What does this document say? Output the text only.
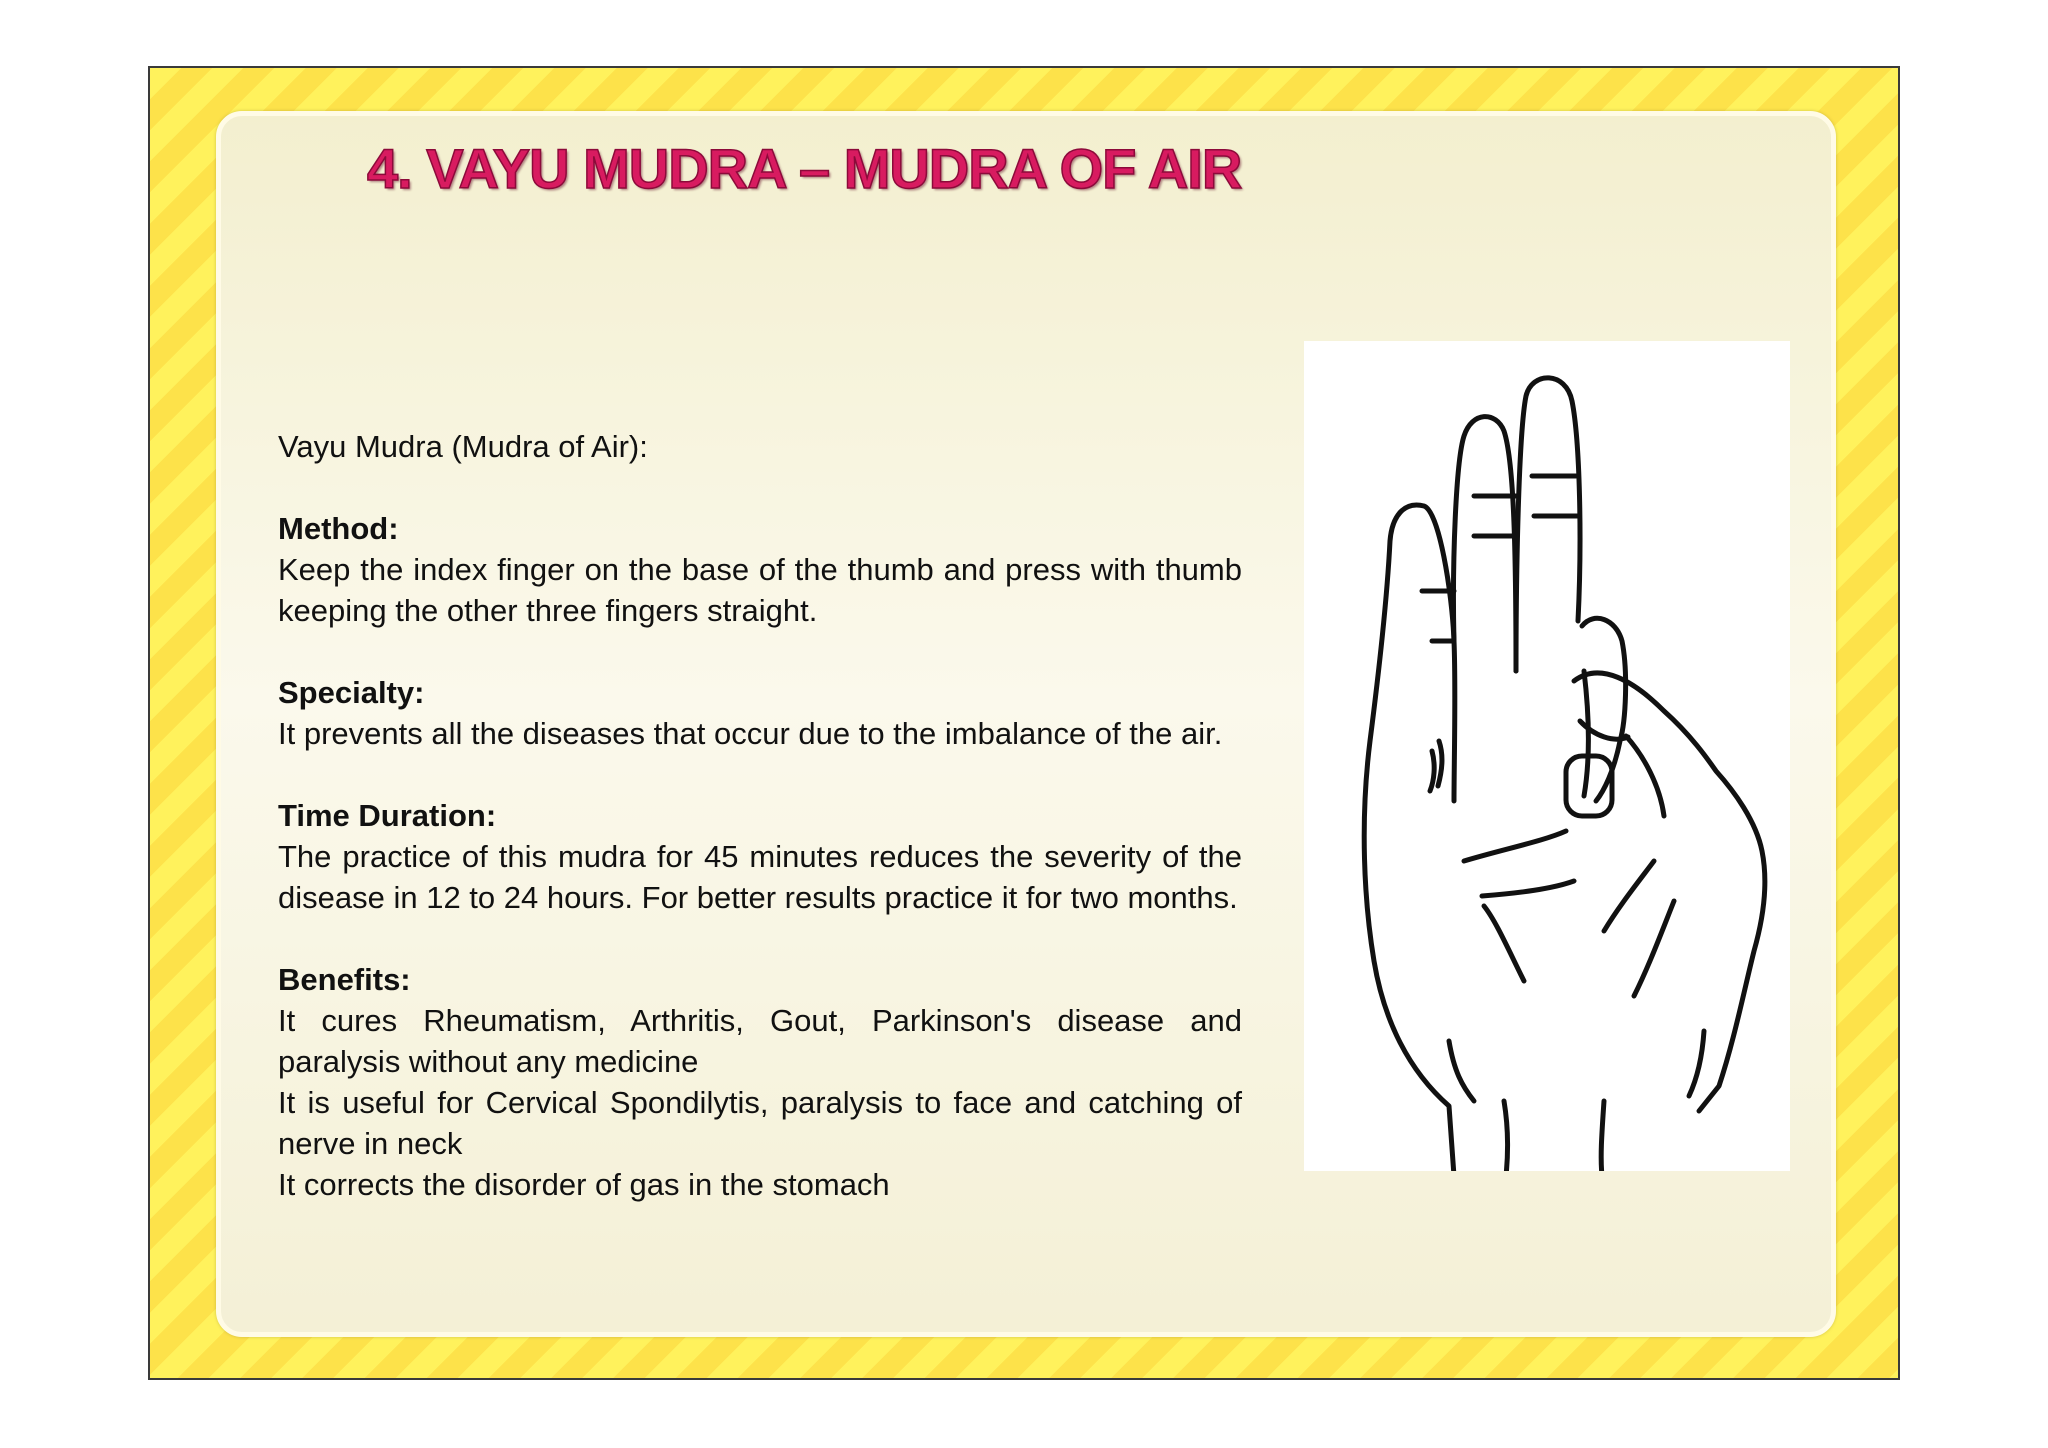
4. VAYU MUDRA – MUDRA OF AIR

Vayu Mudra (Mudra of Air):

Method:

Keep the index finger on the base of the thumb and press with thumb keeping the other three fingers straight.

Specialty:

It prevents all the diseases that occur due to the imbalance of the air.

Time Duration:

The practice of this mudra for 45 minutes reduces the severity of the disease in 12 to 24 hours. For better results practice it for two months.

Benefits:

It cures Rheumatism, Arthritis, Gout, Parkinson's disease and paralysis without any medicine

It is useful for Cervical Spondilytis, paralysis to face and catching of nerve in neck

It corrects the disorder of gas in the stomach
